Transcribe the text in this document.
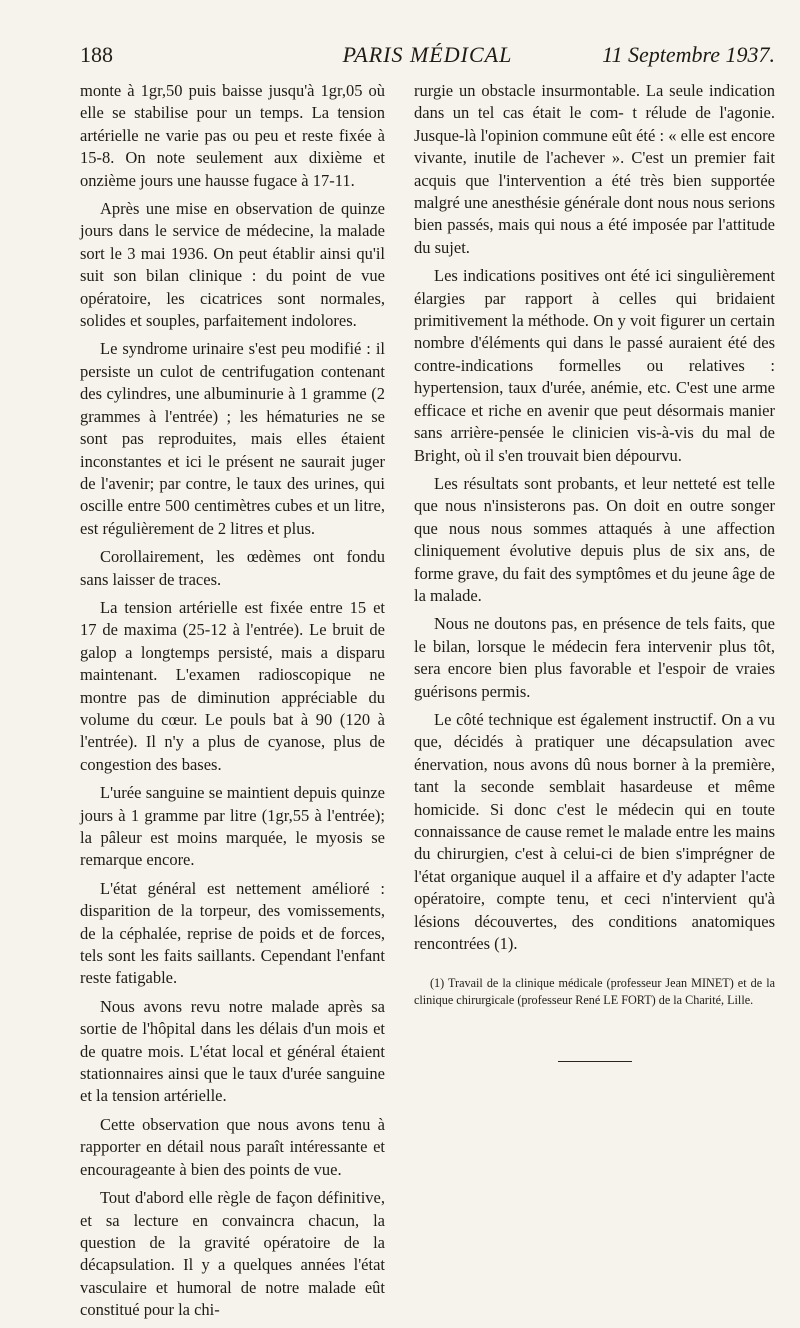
188	PARIS MÉDICAL	11 Septembre 1937.

monte à 1gr,50 puis baisse jusqu'à 1gr,05 où elle se stabilise pour un temps. La tension artérielle ne varie pas ou peu et reste fixée à 15-8. On note seulement aux dixième et onzième jours une hausse fugace à 17-11.

Après une mise en observation de quinze jours dans le service de médecine, la malade sort le 3 mai 1936. On peut établir ainsi qu'il suit son bilan clinique : du point de vue opératoire, les cicatrices sont normales, solides et souples, parfaitement indolores.

Le syndrome urinaire s'est peu modifié : il persiste un culot de centrifugation contenant des cylindres, une albuminurie à 1 gramme (2 grammes à l'entrée) ; les hématuries ne se sont pas reproduites, mais elles étaient inconstantes et ici le présent ne saurait juger de l'avenir; par contre, le taux des urines, qui oscille entre 500 centimètres cubes et un litre, est régulièrement de 2 litres et plus.

Corollairement, les œdèmes ont fondu sans laisser de traces.

La tension artérielle est fixée entre 15 et 17 de maxima (25-12 à l'entrée). Le bruit de galop a longtemps persisté, mais a disparu maintenant. L'examen radioscopique ne montre pas de diminution appréciable du volume du cœur. Le pouls bat à 90 (120 à l'entrée). Il n'y a plus de cyanose, plus de congestion des bases.

L'urée sanguine se maintient depuis quinze jours à 1 gramme par litre (1gr,55 à l'entrée); la pâleur est moins marquée, le myosis se remarque encore.

L'état général est nettement amélioré : disparition de la torpeur, des vomissements, de la céphalée, reprise de poids et de forces, tels sont les faits saillants. Cependant l'enfant reste fatigable.

Nous avons revu notre malade après sa sortie de l'hôpital dans les délais d'un mois et de quatre mois. L'état local et général étaient stationnaires ainsi que le taux d'urée sanguine et la tension artérielle.

Cette observation que nous avons tenu à rapporter en détail nous paraît intéressante et encourageante à bien des points de vue.

Tout d'abord elle règle de façon définitive, et sa lecture en convaincra chacun, la question de la gravité opératoire de la décapsulation. Il y a quelques années l'état vasculaire et humoral de notre malade eût constitué pour la chi-

rurgie un obstacle insurmontable. La seule indication dans un tel cas était le com- t rélude de l'agonie. Jusque-là l'opinion commune eût été : « elle est encore vivante, inutile de l'achever ». C'est un premier fait acquis que l'intervention a été très bien supportée malgré une anesthésie générale dont nous nous serions bien passés, mais qui nous a été imposée par l'attitude du sujet.

Les indications positives ont été ici singulièrement élargies par rapport à celles qui bridaient primitivement la méthode. On y voit figurer un certain nombre d'éléments qui dans le passé auraient été des contre-indications formelles ou relatives : hypertension, taux d'urée, anémie, etc. C'est une arme efficace et riche en avenir que peut désormais manier sans arrière-pensée le clinicien vis-à-vis du mal de Bright, où il s'en trouvait bien dépourvu.

Les résultats sont probants, et leur netteté est telle que nous n'insisterons pas. On doit en outre songer que nous nous sommes attaqués à une affection cliniquement évolutive depuis plus de six ans, de forme grave, du fait des symptômes et du jeune âge de la malade.

Nous ne doutons pas, en présence de tels faits, que le bilan, lorsque le médecin fera intervenir plus tôt, sera encore bien plus favorable et l'espoir de vraies guérisons permis.

Le côté technique est également instructif. On a vu que, décidés à pratiquer une décapsulation avec énervation, nous avons dû nous borner à la première, tant la seconde semblait hasardeuse et même homicide. Si donc c'est le médecin qui en toute connaissance de cause remet le malade entre les mains du chirurgien, c'est à celui-ci de bien s'imprégner de l'état organique auquel il a affaire et d'y adapter l'acte opératoire, compte tenu, et ceci n'intervient qu'à lésions découvertes, des conditions anatomiques rencontrées (1).

(1) Travail de la clinique médicale (professeur Jean MINET) et de la clinique chirurgicale (professeur René LE FORT) de la Charité, Lille.
